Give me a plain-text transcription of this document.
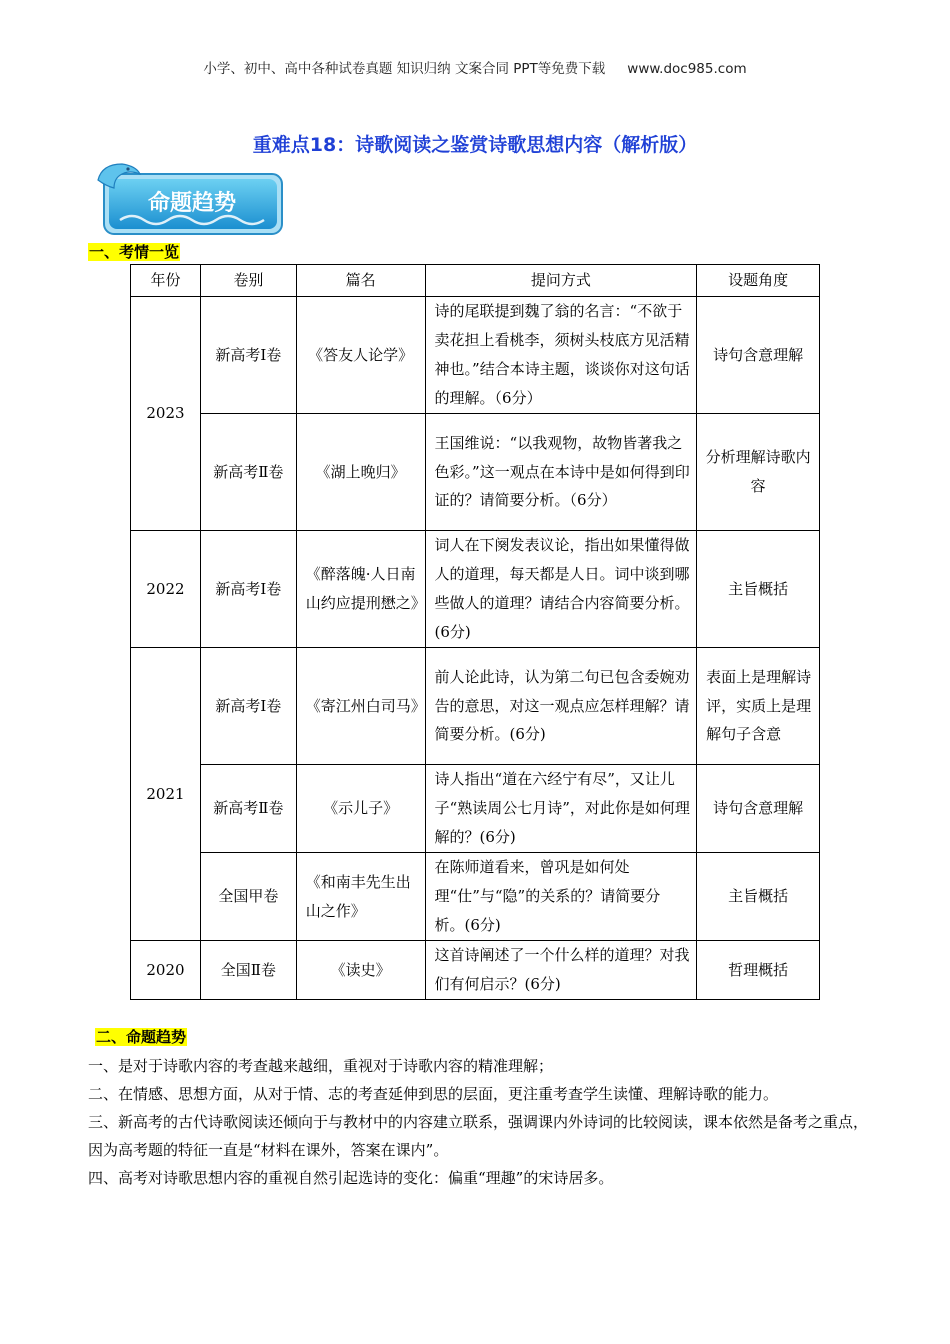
小学、初中、高中各种试卷真题 知识归纳 文案合同 PPT等免费下载 www.doc985.com
重难点18：诗歌阅读之鉴赏诗歌思想内容（解析版）
命题趋势
一、考情一览
年份	卷别	篇名	提问方式	设题角度
2023	新高考Ⅰ卷	《答友人论学》	诗的尾联提到魏了翁的名言：“不欲于卖花担上看桃李，须树头枝底方见活精神也。”结合本诗主题，谈谈你对这句话的理解。（6分）	诗句含意理解
	新高考Ⅱ卷	《湖上晚归》	王国维说：“以我观物，故物皆著我之色彩。”这一观点在本诗中是如何得到印证的？请简要分析。（6分）	分析理解诗歌内容
2022	新高考Ⅰ卷	《醉落魄·人日南山约应提刑懋之》	词人在下阕发表议论，指出如果懂得做人的道理，每天都是人日。词中谈到哪些做人的道理？请结合内容简要分析。(6分)	主旨概括
2021	新高考Ⅰ卷	《寄江州白司马》	前人论此诗，认为第二句已包含委婉劝告的意思，对这一观点应怎样理解？请简要分析。(6分)	表面上是理解诗评，实质上是理解句子含意
	新高考Ⅱ卷	《示儿子》	诗人指出“道在六经宁有尽”，又让儿子“熟读周公七月诗”，对此你是如何理解的？(6分)	诗句含意理解
	全国甲卷	《和南丰先生出山之作》	在陈师道看来，曾巩是如何处理“仕”与“隐”的关系的？请简要分析。(6分)	主旨概括
2020	全国Ⅱ卷	《读史》	这首诗阐述了一个什么样的道理？对我们有何启示？(6分)	哲理概括
二、命题趋势
一、是对于诗歌内容的考查越来越细，重视对于诗歌内容的精准理解；
二、在情感、思想方面，从对于情、志的考查延伸到思的层面，更注重考查学生读懂、理解诗歌的能力。
三、新高考的古代诗歌阅读还倾向于与教材中的内容建立联系，强调课内外诗词的比较阅读，课本依然是备考之重点，因为高考题的特征一直是“材料在课外，答案在课内”。
四、高考对诗歌思想内容的重视自然引起选诗的变化：偏重“理趣”的宋诗居多。
